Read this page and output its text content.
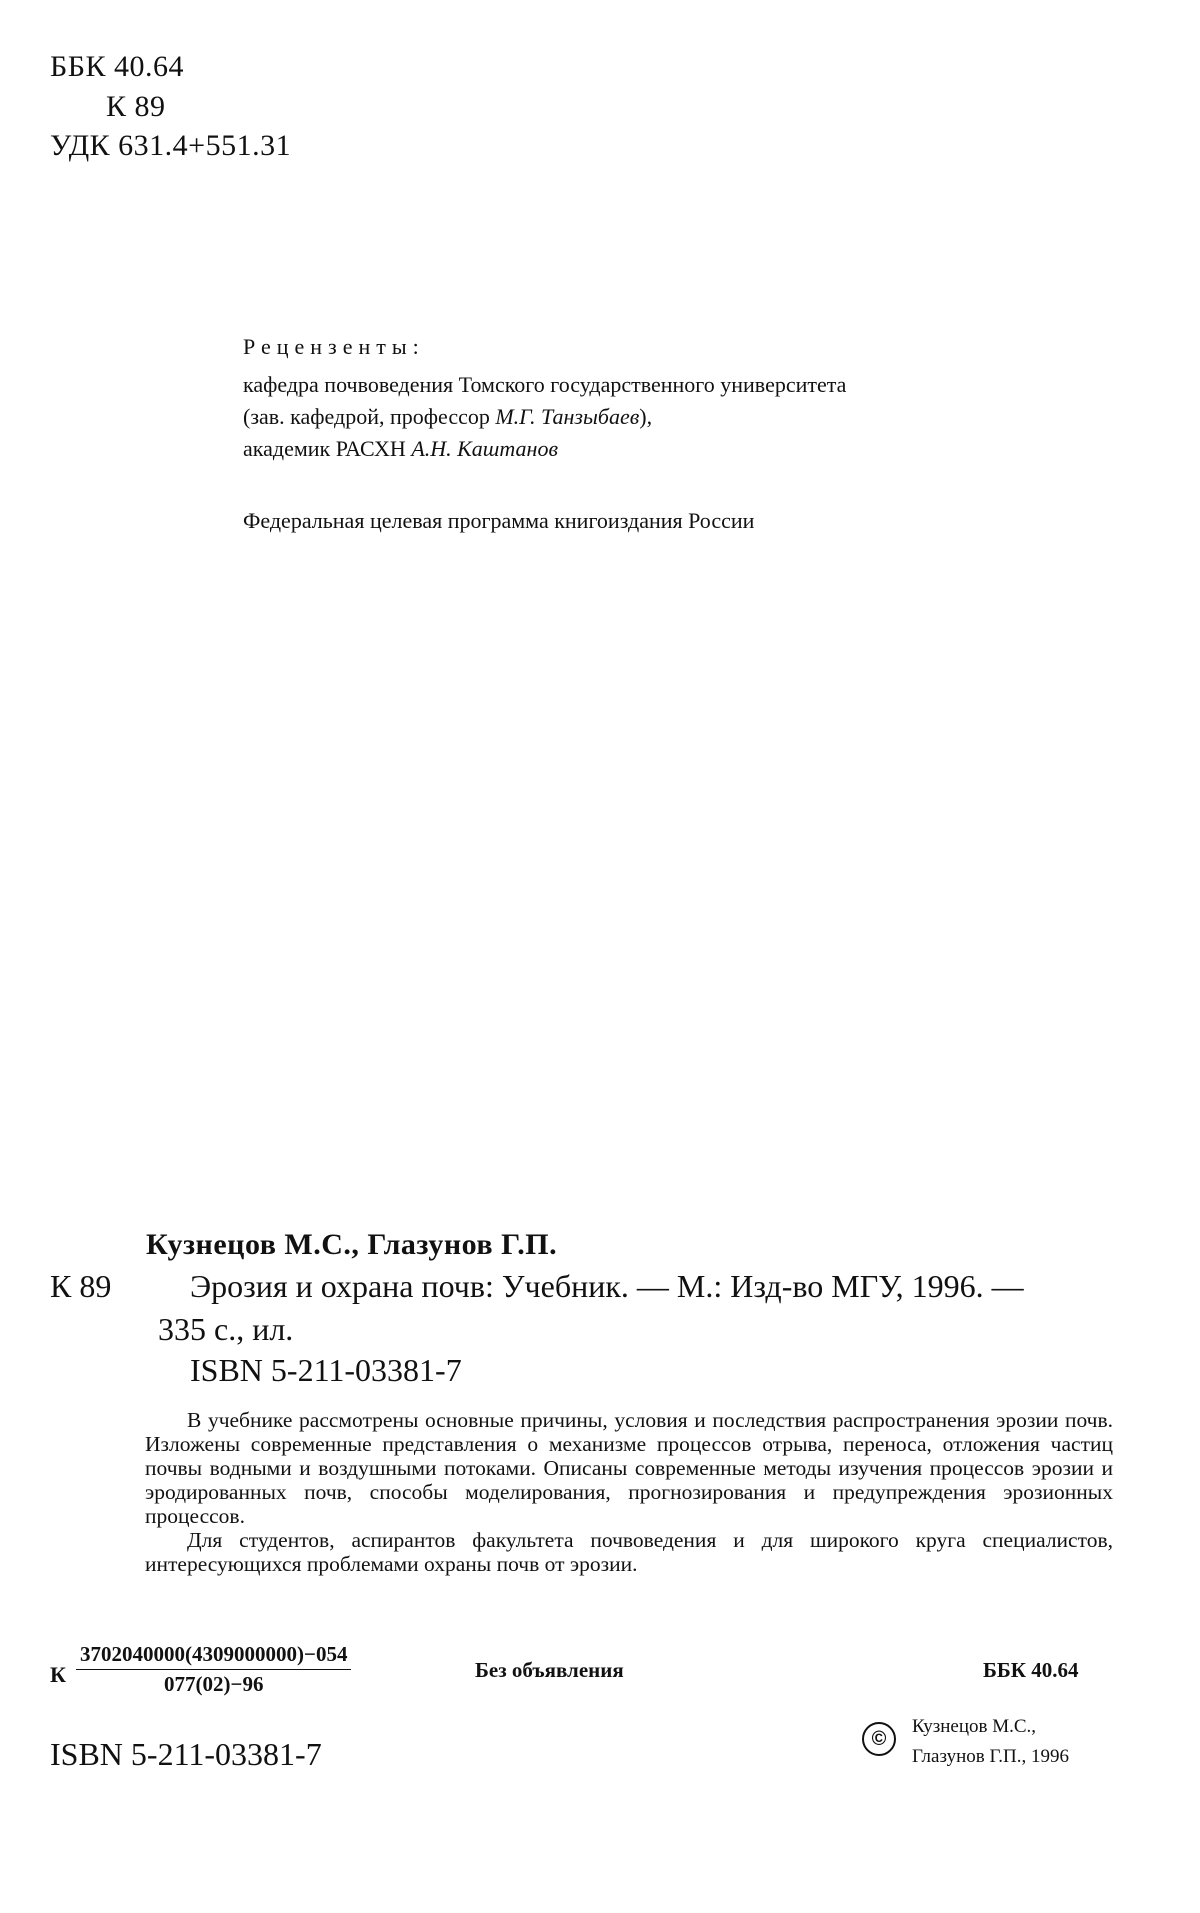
ББК 40.64
К 89
УДК 631.4+551.31
Рецензенты:
кафедра почвоведения Томского государственного университета
(зав. кафедрой, профессор М.Г. Танзыбаев),
академик РАСХН А.Н. Каштанов
Федеральная целевая программа книгоиздания России
Кузнецов М.С., Глазунов Г.П.
К 89 Эрозия и охрана почв: Учебник. — М.: Изд-во МГУ, 1996. —
335 с., ил.
ISBN 5-211-03381-7

В учебнике рассмотрены основные причины, условия и последствия распространения эрозии почв. Изложены современные представления о механизме процессов отрыва, переноса, отложения частиц почвы водными и воздушными потоками. Описаны современные методы изучения процессов эрозии и эродированных почв, способы моделирования, прогнозирования и предупреждения эрозионных процессов.

Для студентов, аспирантов факультета почвоведения и для широкого круга специалистов, интересующихся проблемами охраны почв от эрозии.

К $\frac{3702040000(4309000000)-054}{077(02)-96}$	Без объявления	ББК 40.64
ISBN 5-211-03381-7	©
Кузнецов М.С.,
Глазунов Г.П., 1996
